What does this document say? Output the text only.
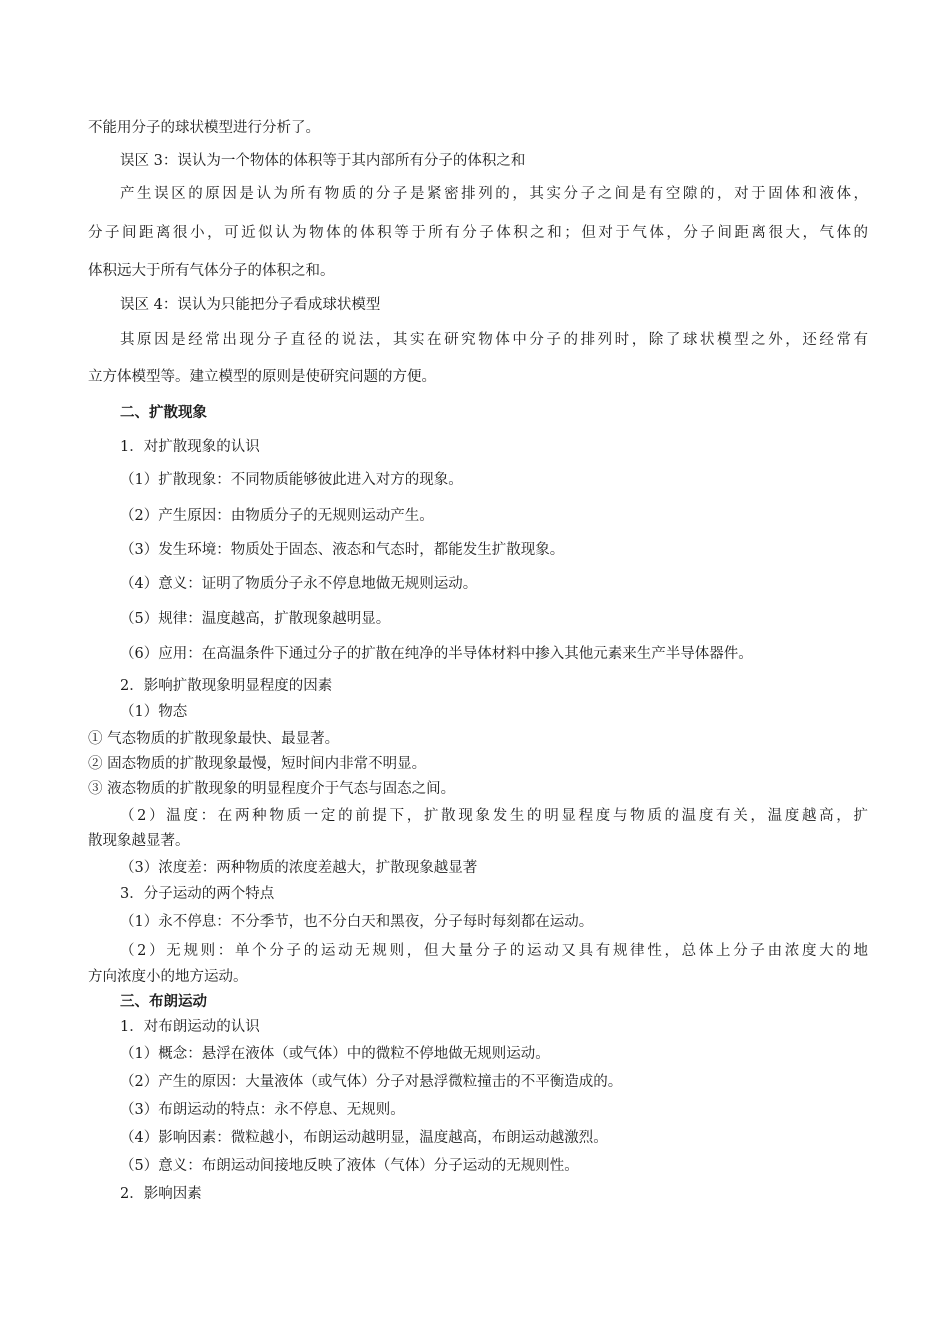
不能用分子的球状模型进行分析了。
误区 3：误认为一个物体的体积等于其内部所有分子的体积之和
产生误区的原因是认为所有物质的分子是紧密排列的，其实分子之间是有空隙的，对于固体和液体，
分子间距离很小，可近似认为物体的体积等于所有分子体积之和；但对于气体，分子间距离很大，气体的
体积远大于所有气体分子的体积之和。
误区 4：误认为只能把分子看成球状模型
其原因是经常出现分子直径的说法，其实在研究物体中分子的排列时，除了球状模型之外，还经常有
立方体模型等。建立模型的原则是使研究问题的方便。
二、扩散现象
1．对扩散现象的认识
（1）扩散现象：不同物质能够彼此进入对方的现象。
（2）产生原因：由物质分子的无规则运动产生。
（3）发生环境：物质处于固态、液态和气态时，都能发生扩散现象。
（4）意义：证明了物质分子永不停息地做无规则运动。
（5）规律：温度越高，扩散现象越明显。
（6）应用：在高温条件下通过分子的扩散在纯净的半导体材料中掺入其他元素来生产半导体器件。
2．影响扩散现象明显程度的因素
（1）物态
① 气态物质的扩散现象最快、最显著。
② 固态物质的扩散现象最慢，短时间内非常不明显。
③ 液态物质的扩散现象的明显程度介于气态与固态之间。
（2）温度：在两种物质一定的前提下，扩散现象发生的明显程度与物质的温度有关，温度越高，扩
散现象越显著。
（3）浓度差：两种物质的浓度差越大，扩散现象越显著
3．分子运动的两个特点
（1）永不停息：不分季节，也不分白天和黑夜，分子每时每刻都在运动。
（2）无规则：单个分子的运动无规则，但大量分子的运动又具有规律性，总体上分子由浓度大的地
方向浓度小的地方运动。
三、布朗运动
1．对布朗运动的认识
（1）概念：悬浮在液体（或气体）中的微粒不停地做无规则运动。
（2）产生的原因：大量液体（或气体）分子对悬浮微粒撞击的不平衡造成的。
（3）布朗运动的特点：永不停息、无规则。
（4）影响因素：微粒越小，布朗运动越明显，温度越高，布朗运动越激烈。
（5）意义：布朗运动间接地反映了液体（气体）分子运动的无规则性。
2．影响因素
